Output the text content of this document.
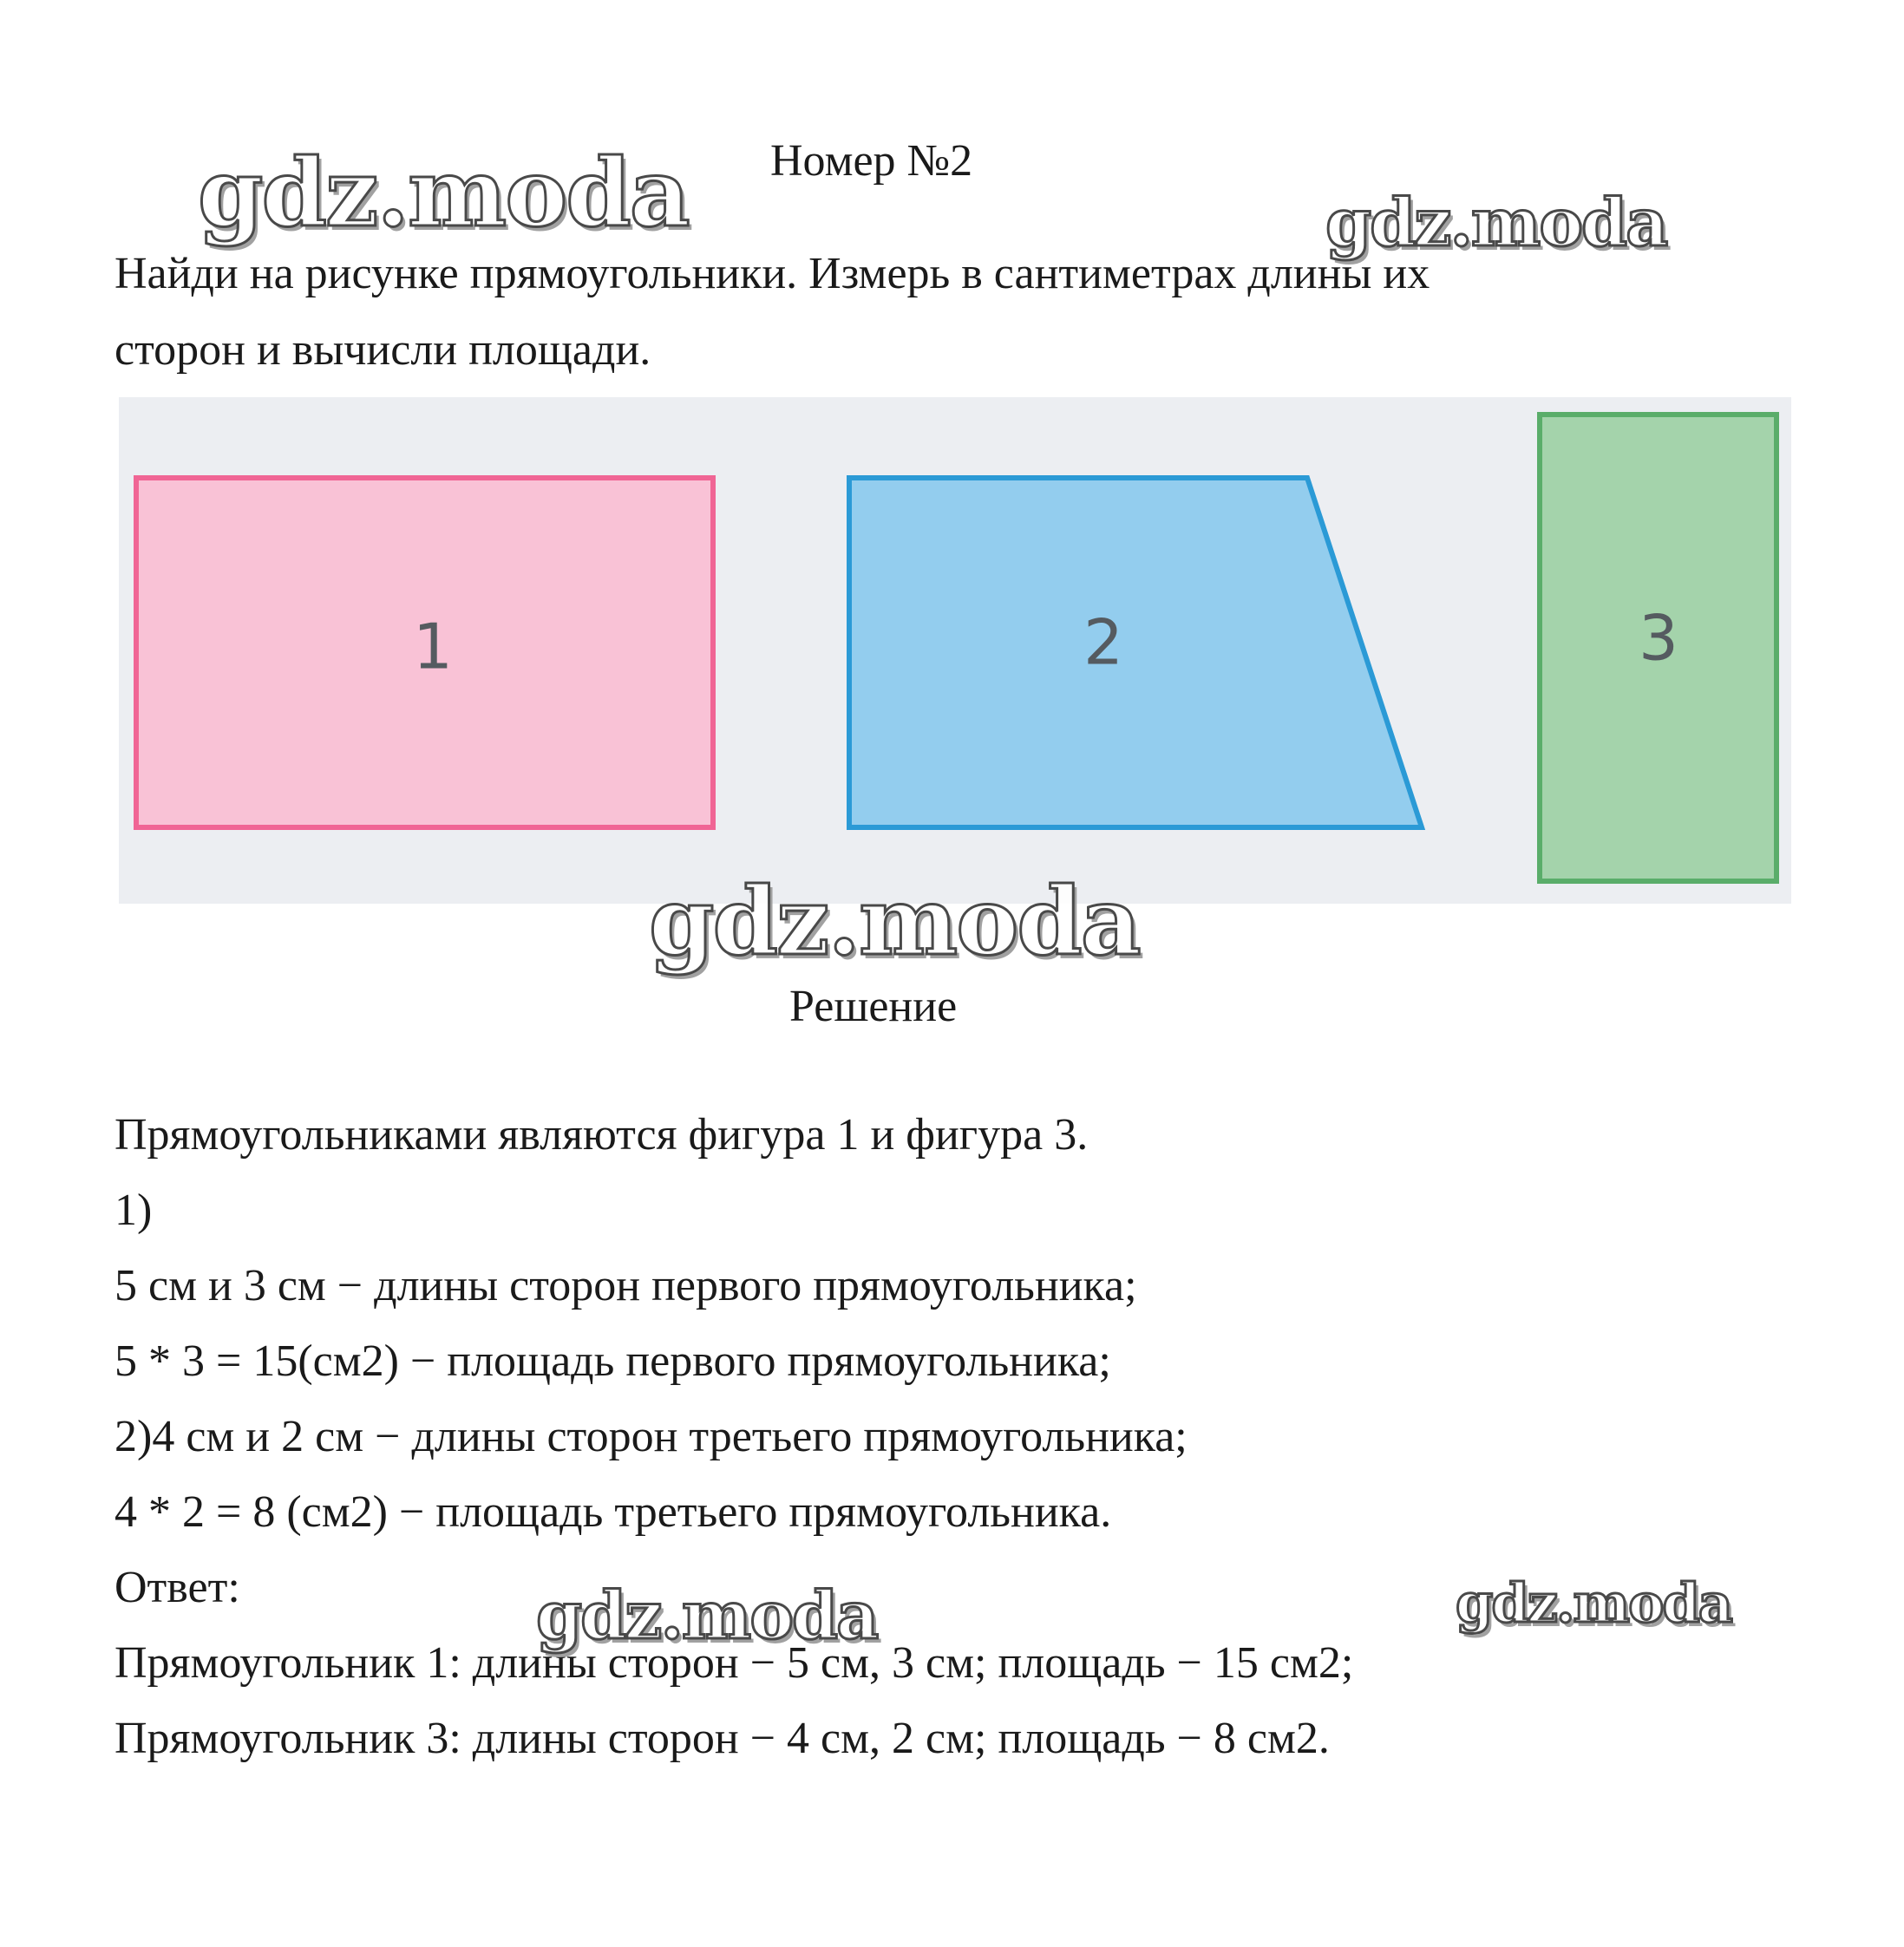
Номер №2
Найди на рисунке прямоугольники. Измерь в сантиметрах длины их
сторон и вычисли площади.
1	2	3
Решение
Прямоугольниками являются фигура 1 и фигура 3.
1)
5 см и 3 см − длины сторон первого прямоугольника;
5 * 3 = 15(см2) − площадь первого прямоугольника;
2)4 см и 2 см − длины сторон третьего прямоугольника;
4 * 2 = 8 (см2) − площадь третьего прямоугольника.
Ответ:
Прямоугольник 1: длины сторон − 5 см, 3 см; площадь − 15 см2;
Прямоугольник 3: длины сторон − 4 см, 2 см; площадь − 8 см2.
gdz.moda	gdz.moda
gdz.moda
gdz.moda	gdz.moda
